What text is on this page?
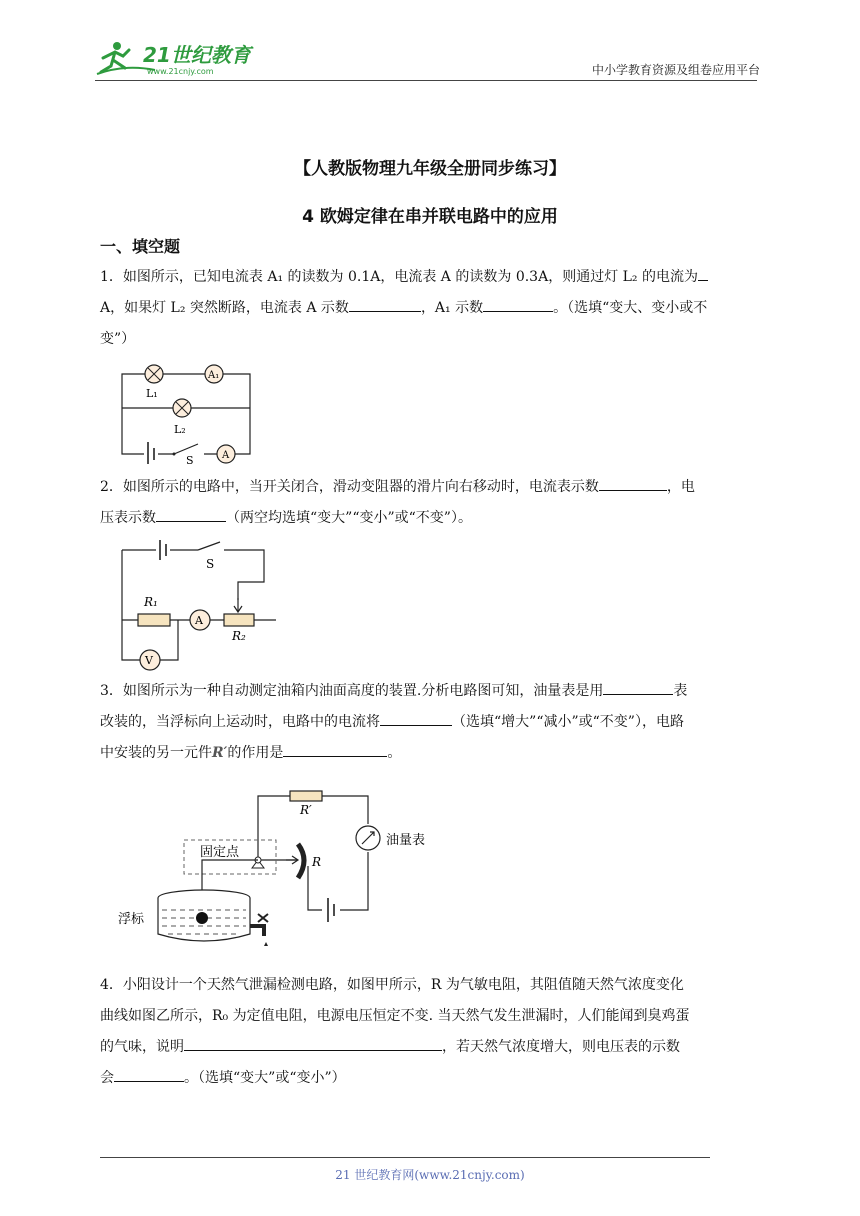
21世纪教育
www.21cnjy.com	中小学教育资源及组卷应用平台
【人教版物理九年级全册同步练习】
4 欧姆定律在串并联电路中的应用
一、填空题
1．如图所示，已知电流表 A₁ 的读数为 0.1A，电流表 A 的读数为 0.3A，则通过灯 L₂ 的电流为
A，如果灯 L₂ 突然断路，电流表 A 示数	，A₁ 示数	。（选填“变大、变小或不
变”）
A₁
L₁
L₂
S	A
2．如图所示的电路中，当开关闭合，滑动变阻器的滑片向右移动时，电流表示数	，电
压表示数	（两空均选填“变大”“变小”或“不变”）。
S
R₁
A
R₂
V
3．如图所示为一种自动测定油箱内油面高度的装置.分析电路图可知，油量表是用	表
改装的，当浮标向上运动时，电路中的电流将	（选填“增大”“减小”或“不变”），电路
中安装的另一元件R′的作用是	。
R′
油量表
固定点
R
浮标
4．小阳设计一个天然气泄漏检测电路，如图甲所示，R 为气敏电阻，其阻值随天然气浓度变化
曲线如图乙所示，R₀ 为定值电阻，电源电压恒定不变. 当天然气发生泄漏时，人们能闻到臭鸡蛋
的气味，说明	，若天然气浓度增大，则电压表的示数
会	。（选填“变大”或“变小”）
21 世纪教育网(www.21cnjy.com)
